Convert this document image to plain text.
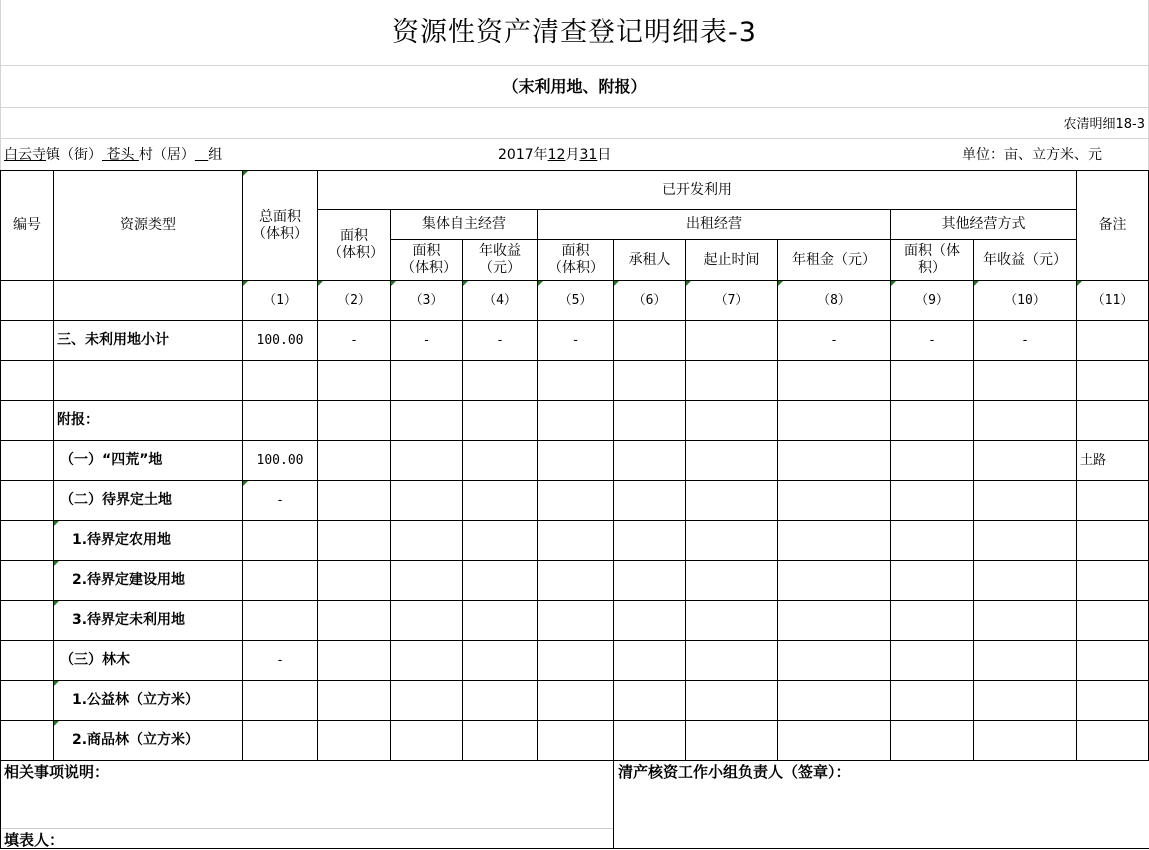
资源性资产清查登记明细表-3
（末利用地、附报）
农清明细18-3
白云寺镇（街） 苍头 村（居） 组	2017年12月31日	单位：亩、立方米、元
编号	资源类型	总面积（体积）	已开发利用									备注
			面积（体积）	集体自主经营		出租经营				其他经营方式		
				面积（体积）	年收益（元）	面积（体积）	承租人	起止时间	年租金（元）	面积（体积）	年收益（元）	
		（1）	（2）	（3）	（4）	（5）	（6）	（7）	（8）	（9）	（10）	（11）
	三、未利用地小计	100.00	-	-	-	-			-	-	-	

	附报：											
	（一）“四荒”地	100.00										土路
	（二）待界定土地	-										
	1.待界定农用地											
	2.待界定建设用地											
	3.待界定未利用地											
	（三）林木	-										
	1.公益林（立方米）											
	2.商品林（立方米）											
相关事项说明：	清产核资工作小组负责人（签章）：
填表人：
